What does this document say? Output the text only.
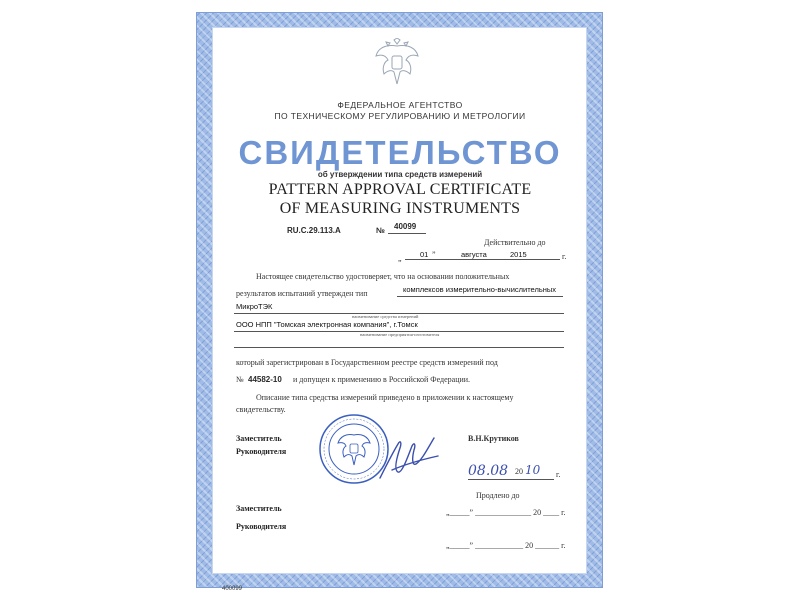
ФЕДЕРАЛЬНОЕ АГЕНТСТВО
ПО ТЕХНИЧЕСКОМУ РЕГУЛИРОВАНИЮ И МЕТРОЛОГИИ
СВИДЕТЕЛЬСТВО
об утверждении типа средств измерений
PATTERN APPROVAL CERTIFICATE
OF MEASURING INSTRUMENTS
RU.C.29.113.A	№ 40099
Действительно до
„ 01 ”	августа	2015	г.
Настоящее свидетельство удостоверяет, что на основании положительных
результатов испытаний утвержден тип	комплексов измерительно-вычислительных
МикроТЭК
наименование средства измерений
ООО НПП "Томская электронная компания", г.Томск
наименование предприятия-изготовителя
который зарегистрирован в Государственном реестре средств измерений под
№ 44582-10 и допущен к применению в Российской Федерации.
Описание типа средства измерений приведено в приложении к настоящему
свидетельству.
Заместитель
Руководителя
В.Н.Крутиков
08.08 20 10 г.
Продлено до
„_____” ______________ 20 ____ г.
Заместитель
Руководителя
„_____” ____________ 20 ______ г.
400099
